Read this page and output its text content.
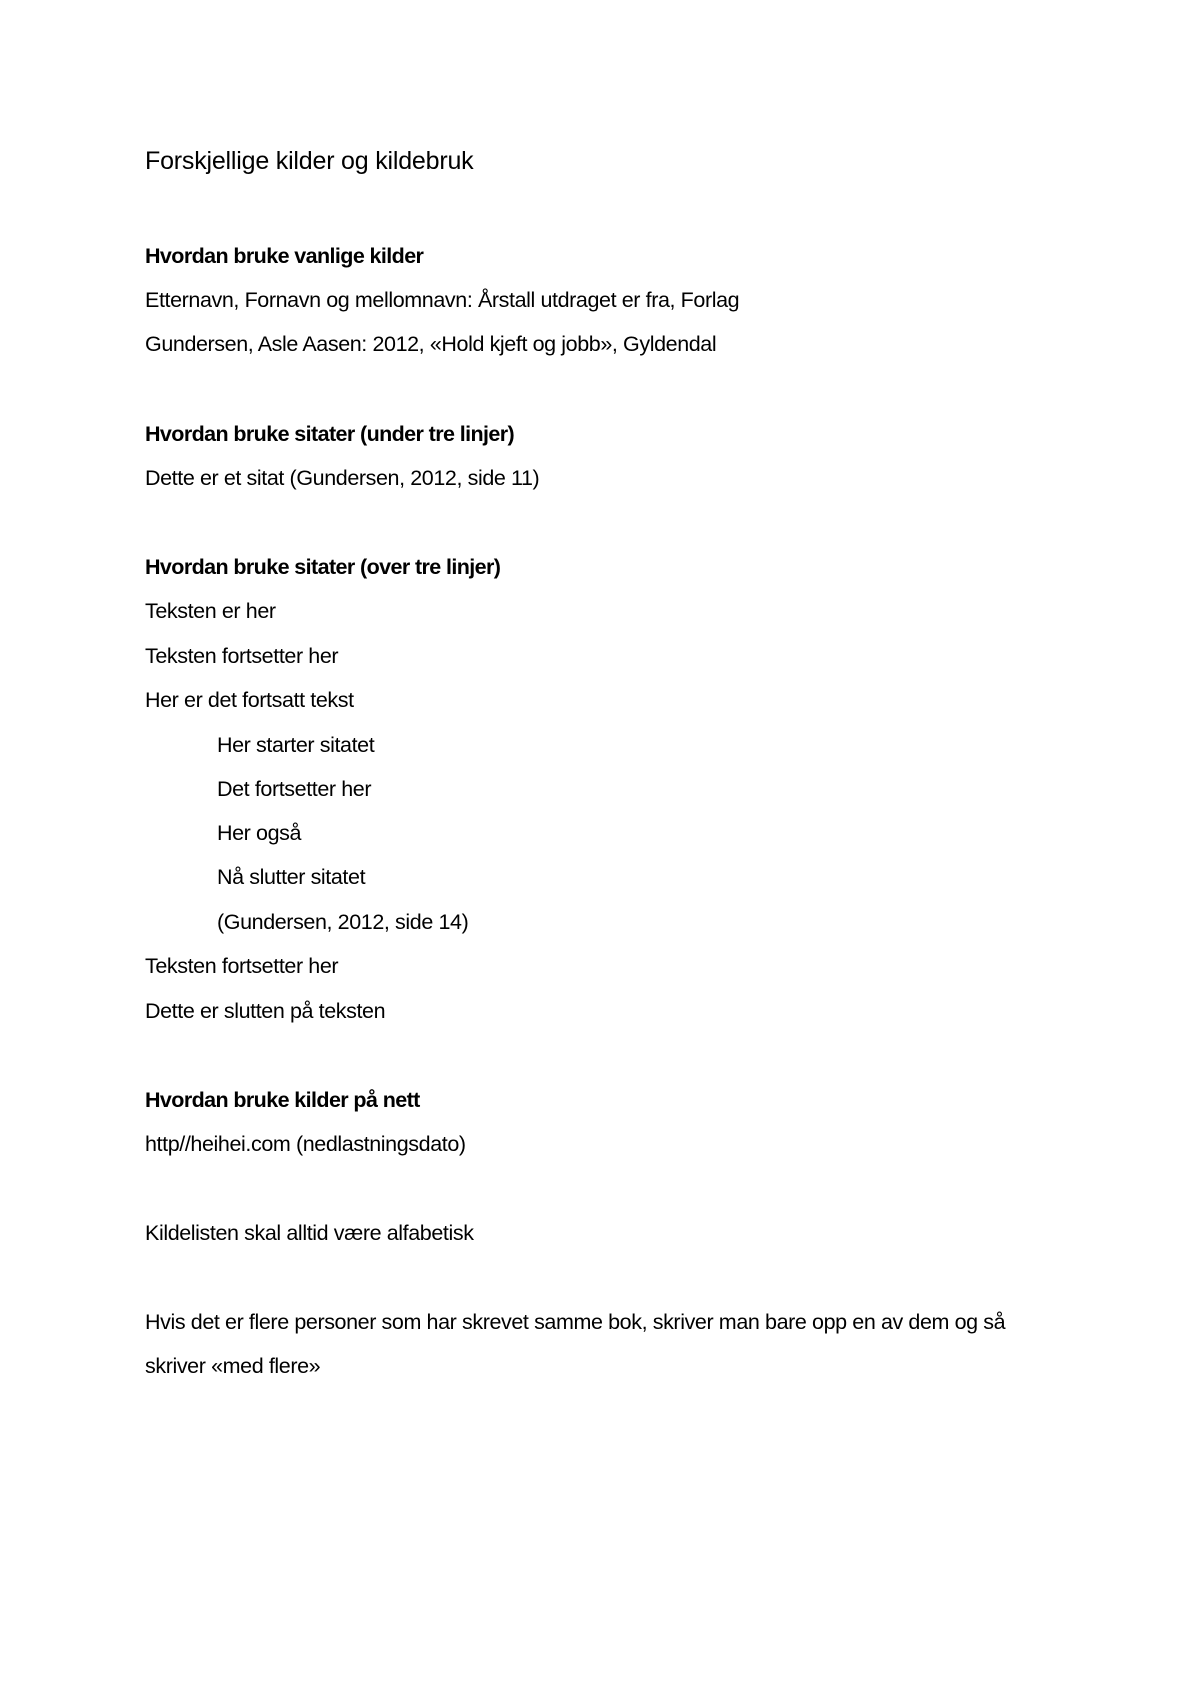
Forskjellige kilder og kildebruk
Hvordan bruke vanlige kilder
Etternavn, Fornavn og mellomnavn: Årstall utdraget er fra, Forlag
Gundersen, Asle Aasen: 2012, «Hold kjeft og jobb», Gyldendal
Hvordan bruke sitater (under tre linjer)
Dette er et sitat (Gundersen, 2012, side 11)
Hvordan bruke sitater (over tre linjer)
Teksten er her
Teksten fortsetter her
Her er det fortsatt tekst
Her starter sitatet
Det fortsetter her
Her også
Nå slutter sitatet
(Gundersen, 2012, side 14)
Teksten fortsetter her
Dette er slutten på teksten
Hvordan bruke kilder på nett
http//heihei.com (nedlastningsdato)
Kildelisten skal alltid være alfabetisk
Hvis det er flere personer som har skrevet samme bok, skriver man bare opp en av dem og så
skriver «med flere»
